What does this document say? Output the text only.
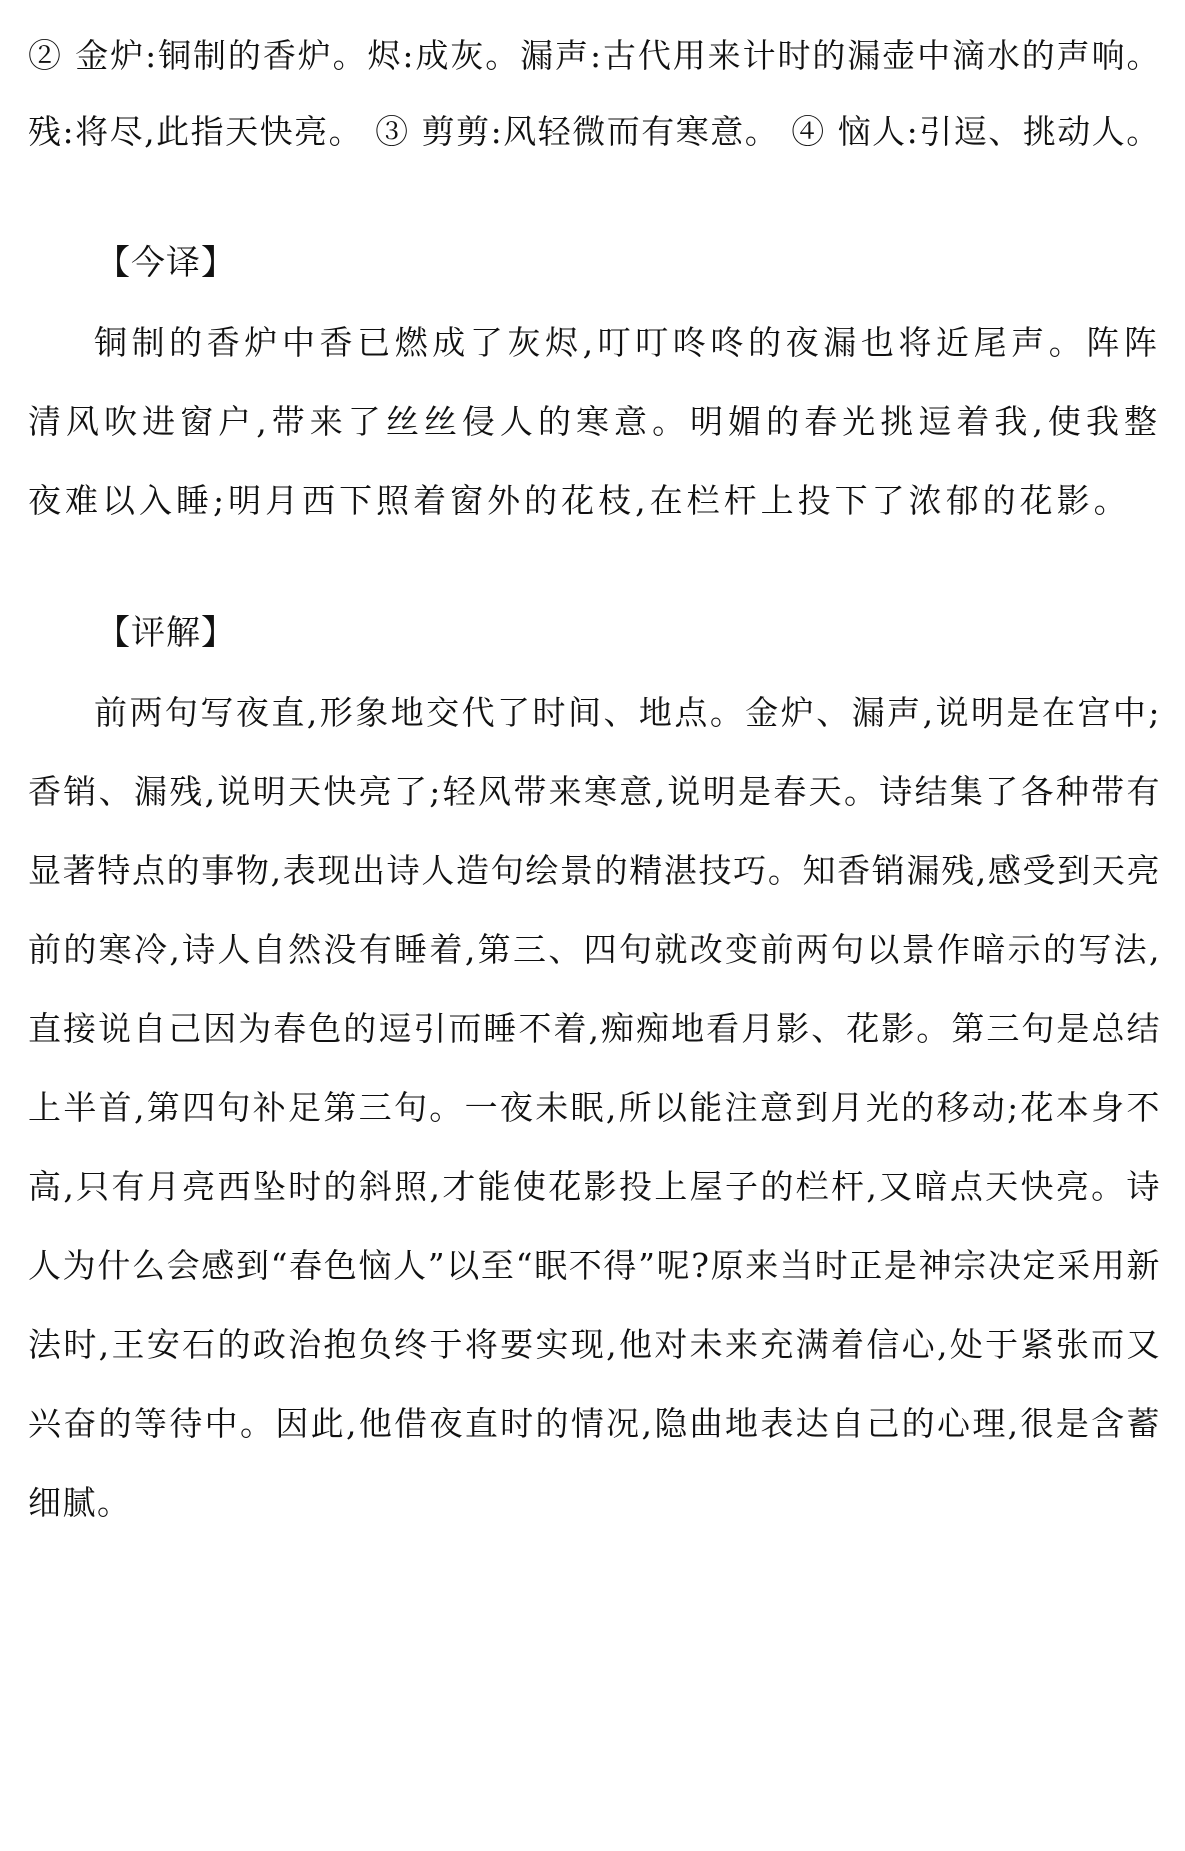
② 金炉:铜制的香炉。烬:成灰。漏声:古代用来计时的漏壶中滴水的声响。残:将尽,此指天快亮。 ③ 剪剪:风轻微而有寒意。 ④ 恼人:引逗、挑动人。

【今译】

铜制的香炉中香已燃成了灰烬,叮叮咚咚的夜漏也将近尾声。阵阵清风吹进窗户,带来了丝丝侵人的寒意。明媚的春光挑逗着我,使我整夜难以入睡;明月西下照着窗外的花枝,在栏杆上投下了浓郁的花影。

【评解】

前两句写夜直,形象地交代了时间、地点。金炉、漏声,说明是在宫中;香销、漏残,说明天快亮了;轻风带来寒意,说明是春天。诗结集了各种带有显著特点的事物,表现出诗人造句绘景的精湛技巧。知香销漏残,感受到天亮前的寒冷,诗人自然没有睡着,第三、四句就改变前两句以景作暗示的写法,直接说自己因为春色的逗引而睡不着,痴痴地看月影、花影。第三句是总结上半首,第四句补足第三句。一夜未眠,所以能注意到月光的移动;花本身不高,只有月亮西坠时的斜照,才能使花影投上屋子的栏杆,又暗点天快亮。诗人为什么会感到“春色恼人”以至“眠不得”呢?原来当时正是神宗决定采用新法时,王安石的政治抱负终于将要实现,他对未来充满着信心,处于紧张而又兴奋的等待中。因此,他借夜直时的情况,隐曲地表达自己的心理,很是含蓄细腻。
